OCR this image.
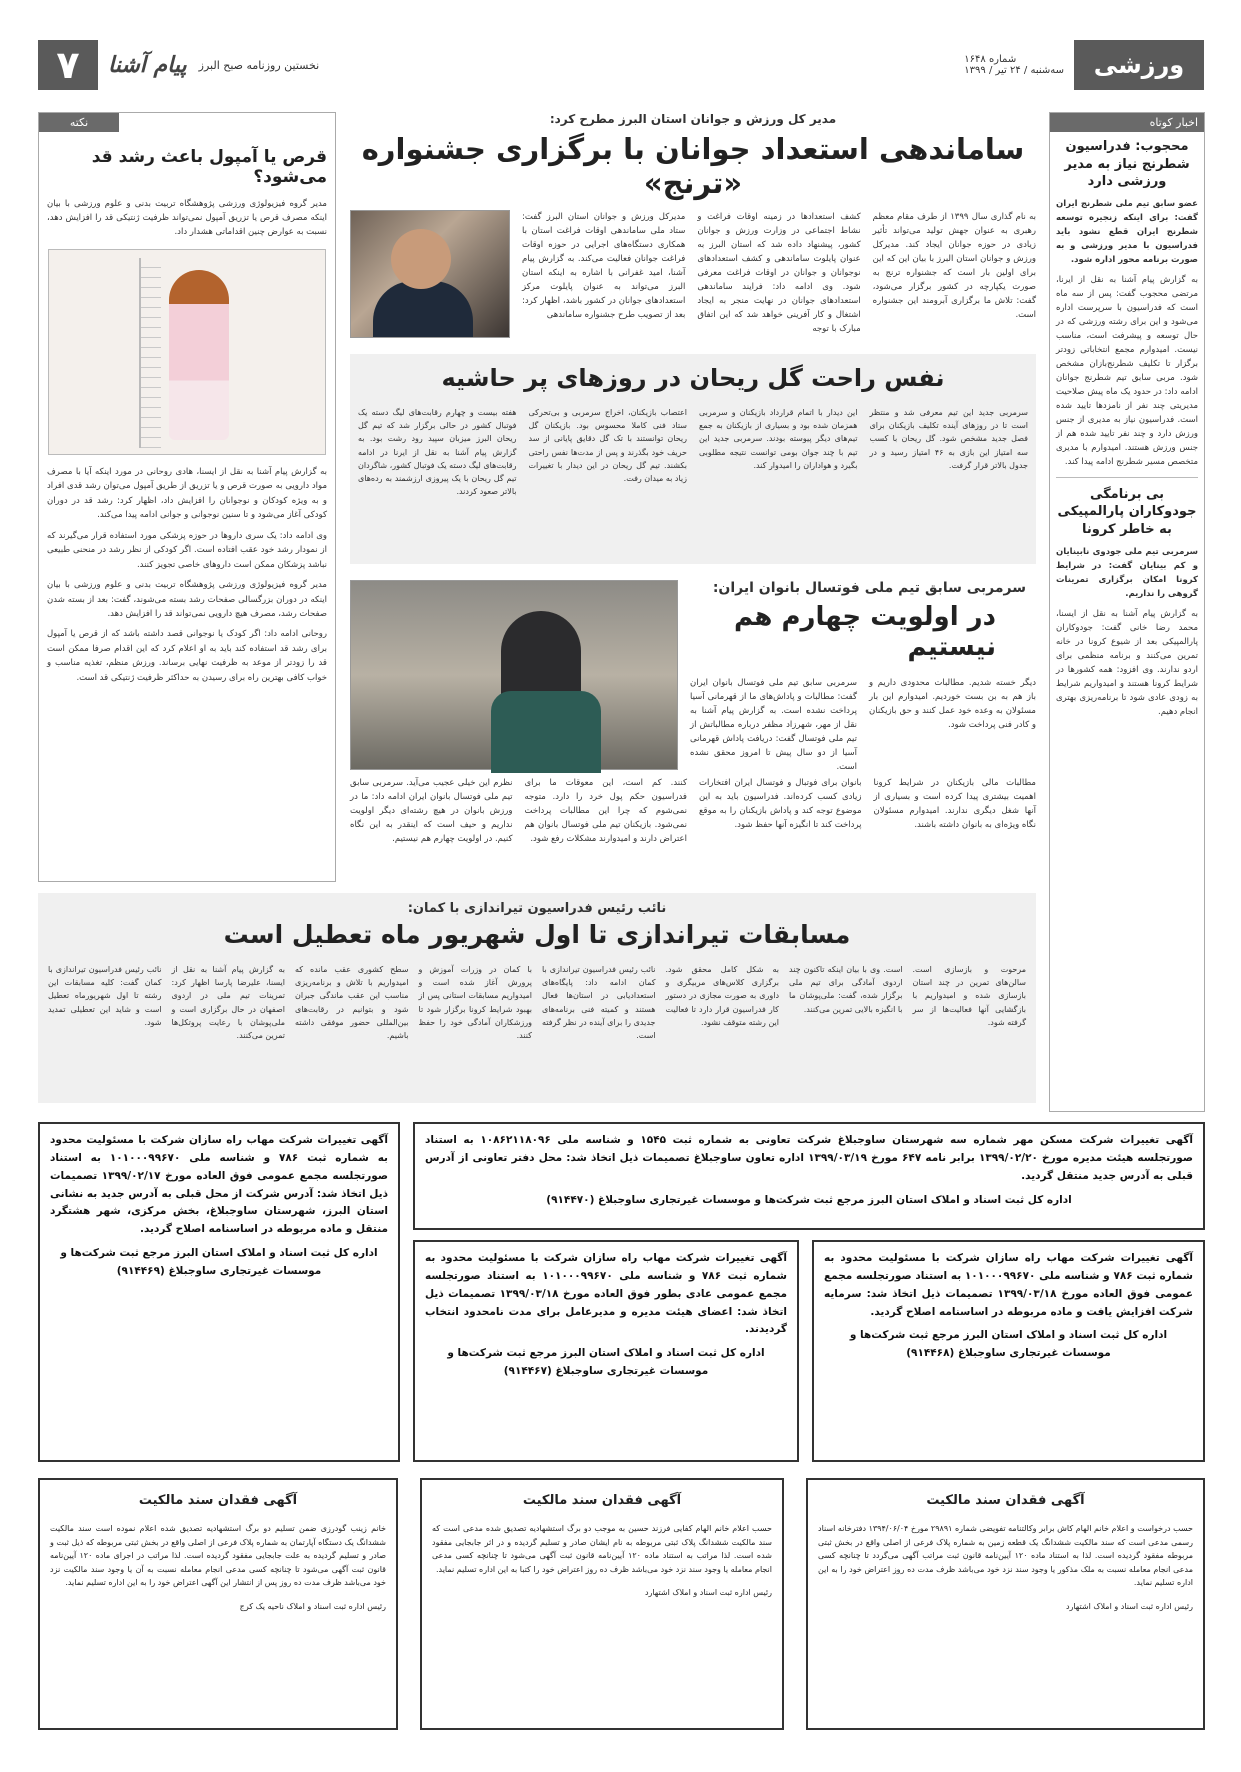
۷	پیام آشنا نخستین روزنامه صبح البرز	شماره ۱۶۴۸
سه‌شنبه / ۲۴ تیر / ۱۳۹۹	ورزشی
اخبار کوتاه
محجوب: فدراسیون شطرنج نیاز به مدیر ورزشی دارد

عضو سابق تیم ملی شطرنج ایران گفت: برای اینکه زنجیره توسعه شطرنج ایران قطع نشود باید فدراسیون با مدیر ورزشی و به صورت برنامه محور اداره شود.

به گزارش پیام آشنا به نقل از ایرنا، مرتضی محجوب گفت: پس از سه ماه است که فدراسیون با سرپرست اداره می‌شود و این برای رشته ورزشی که در حال توسعه و پیشرفت است، مناسب نیست. امیدوارم مجمع انتخاباتی زودتر برگزار تا تکلیف شطرنج‌بازان مشخص شود. مربی سابق تیم شطرنج جوانان ادامه داد: در حدود یک ماه پیش صلاحیت مدیریتی چند نفر از نامزدها تایید شده است. فدراسیون نیاز به مدیری از جنس ورزش دارد و چند نفر تایید شده هم از جنس ورزش هستند. امیدوارم با مدیری متخصص مسیر شطرنج ادامه پیدا کند.

بی برنامگی جودوکاران پارالمپیکی به خاطر کرونا

سرمربی تیم ملی جودوی نابینایان و کم بینایان گفت: در شرایط کرونا امکان برگزاری تمرینات گروهی را نداریم.

به گزارش پیام آشنا به نقل از ایسنا، محمد رضا خانی گفت: جودوکاران پارالمپیکی بعد از شیوع کرونا در خانه تمرین می‌کنند و برنامه منظمی برای اردو ندارند. وی افزود: همه کشورها در شرایط کرونا هستند و امیدواریم شرایط به زودی عادی شود تا برنامه‌ریزی بهتری انجام دهیم.

مدیر کل ورزش و جوانان استان البرز مطرح کرد:
ساماندهی استعداد جوانان با برگزاری جشنواره «ترنج»
به نام گذاری سال ۱۳۹۹ از طرف مقام معظم رهبری به عنوان جهش تولید می‌تواند تأثیر زیادی در حوزه جوانان ایجاد کند. مدیرکل ورزش و جوانان استان البرز با بیان این که این برای اولین بار است که جشنواره ترنج به صورت یکپارچه در کشور برگزار می‌شود، گفت: تلاش ما برگزاری آبرومند این جشنواره است.
کشف استعدادها در زمینه اوقات فراغت و نشاط اجتماعی در وزارت ورزش و جوانان کشور، پیشنهاد داده شد که استان البرز به عنوان پایلوت ساماندهی و کشف استعدادهای نوجوانان و جوانان در اوقات فراغت معرفی شود. وی ادامه داد: فرایند ساماندهی استعدادهای جوانان در نهایت منجر به ایجاد اشتغال و کار آفرینی خواهد شد که این اتفاق مبارک با توجه
مدیرکل ورزش و جوانان استان البرز گفت: ستاد ملی ساماندهی اوقات فراغت استان با همکاری دستگاه‌های اجرایی در حوزه اوقات فراغت جوانان فعالیت می‌کند. به گزارش پیام آشنا، امید غفرانی با اشاره به اینکه استان البرز می‌تواند به عنوان پایلوت مرکز استعدادهای جوانان در کشور باشد، اظهار کرد: بعد از تصویب طرح جشنواره ساماندهی
نفس راحت گل ریحان در روزهای پر حاشیه
سرمربی جدید این تیم معرفی شد و منتظر است تا در روزهای آینده تکلیف بازیکنان برای فصل جدید مشخص شود. گل ریحان با کسب سه امتیاز این بازی به ۴۶ امتیاز رسید و در جدول بالاتر قرار گرفت.
این دیدار با اتمام قرارداد بازیکنان و سرمربی همزمان شده بود و بسیاری از بازیکنان به جمع تیم‌های دیگر پیوسته بودند. سرمربی جدید این تیم با چند جوان بومی توانست نتیجه مطلوبی بگیرد و هواداران را امیدوار کند.
اعتصاب بازیکنان، اخراج سرمربی و بی‌تحرکی ستاد فنی کاملا محسوس بود. بازیکنان گل ریحان توانستند با تک گل دقایق پایانی از سد حریف خود بگذرند و پس از مدت‌ها نفس راحتی بکشند. تیم گل ریحان در این دیدار با تغییرات زیاد به میدان رفت.
هفته بیست و چهارم رقابت‌های لیگ دسته یک فوتبال کشور در حالی برگزار شد که تیم گل ریحان البرز میزبان سپید رود رشت بود. به گزارش پیام آشنا به نقل از ایرنا در ادامه رقابت‌های لیگ دسته یک فوتبال کشور، شاگردان تیم گل ریحان با یک پیروزی ارزشمند به رده‌های بالاتر صعود کردند.
سرمربی سابق تیم ملی فوتسال بانوان ایران:
در اولویت چهارم هم نیستیم
دیگر خسته شدیم. مطالبات محدودی داریم و باز هم به بن بست خوردیم. امیدوارم این بار مسئولان به وعده خود عمل کنند و حق بازیکنان و کادر فنی پرداخت شود.
سرمربی سابق تیم ملی فوتسال بانوان ایران گفت: مطالبات و پاداش‌های ما از قهرمانی آسیا پرداخت نشده است. به گزارش پیام آشنا به نقل از مهر، شهرزاد مظفر درباره مطالباتش از تیم ملی فوتسال گفت: دریافت پاداش قهرمانی آسیا از دو سال پیش تا امروز محقق نشده است.
مطالبات مالی بازیکنان در شرایط کرونا اهمیت بیشتری پیدا کرده است و بسیاری از آنها شغل دیگری ندارند. امیدوارم مسئولان نگاه ویژه‌ای به بانوان داشته باشند.
بانوان برای فوتبال و فوتسال ایران افتخارات زیادی کسب کرده‌اند. فدراسیون باید به این موضوع توجه کند و پاداش بازیکنان را به موقع پرداخت کند تا انگیزه آنها حفظ شود.
کنند. کم است، این معوقات ما برای فدراسیون حکم پول خرد را دارد. متوجه نمی‌شوم که چرا این مطالبات پرداخت نمی‌شود. بازیکنان تیم ملی فوتسال بانوان هم اعتراض دارند و امیدوارند مشکلات رفع شود.
نظرم این خیلی عجیب می‌آید. سرمربی سابق تیم ملی فوتسال بانوان ایران ادامه داد: ما در ورزش بانوان در هیچ رشته‌ای دیگر اولویت نداریم و حیف است که اینقدر به این نگاه کنیم. در اولویت چهارم هم نیستیم.
نکته
قرص یا آمپول باعث رشد قد می‌شود؟
مدیر گروه فیزیولوژی ورزشی پژوهشگاه تربیت بدنی و علوم ورزشی با بیان اینکه مصرف قرص یا تزریق آمپول نمی‌تواند ظرفیت ژنتیکی قد را افزایش دهد، نسبت به عوارض چنین اقداماتی هشدار داد.

به گزارش پیام آشنا به نقل از ایسنا، هادی روحانی در مورد اینکه آیا با مصرف مواد دارویی به صورت قرص و یا تزریق از طریق آمپول می‌توان رشد قدی افراد و به ویژه کودکان و نوجوانان را افزایش داد، اظهار کرد: رشد قد در دوران کودکی آغاز می‌شود و تا سنین نوجوانی و جوانی ادامه پیدا می‌کند.

وی ادامه داد: یک سری داروها در حوزه پزشکی مورد استفاده قرار می‌گیرند که از نمودار رشد خود عقب افتاده است. اگر کودکی از نظر رشد در منحنی طبیعی نباشد پزشکان ممکن است داروهای خاصی تجویز کنند.

مدیر گروه فیزیولوژی ورزشی پژوهشگاه تربیت بدنی و علوم ورزشی با بیان اینکه در دوران بزرگسالی صفحات رشد بسته می‌شوند، گفت: بعد از بسته شدن صفحات رشد، مصرف هیچ دارویی نمی‌تواند قد را افزایش دهد.

روحانی ادامه داد: اگر کودک یا نوجوانی قصد داشته باشد که از قرص یا آمپول برای رشد قد استفاده کند باید به او اعلام کرد که این اقدام صرفا ممکن است قد را زودتر از موعد به ظرفیت نهایی برساند. ورزش منظم، تغذیه مناسب و خواب کافی بهترین راه برای رسیدن به حداکثر ظرفیت ژنتیکی قد است.

نائب رئیس فدراسیون تیراندازی با کمان:
مسابقات تیراندازی تا اول شهریور ماه تعطیل است
مرحوت و بازسازی است. سالن‌های تمرین در چند استان بازسازی شده و امیدواریم با بازگشایی آنها فعالیت‌ها از سر گرفته شود.
است. وی با بیان اینکه تاکنون چند اردوی آمادگی برای تیم ملی برگزار شده، گفت: ملی‌پوشان ما با انگیزه بالایی تمرین می‌کنند.
به شکل کامل محقق شود. برگزاری کلاس‌های مربیگری و داوری به صورت مجازی در دستور کار فدراسیون قرار دارد تا فعالیت این رشته متوقف نشود.
نائب رئیس فدراسیون تیراندازی با کمان ادامه داد: پایگاه‌های استعدادیابی در استان‌ها فعال هستند و کمیته فنی برنامه‌های جدیدی را برای آینده در نظر گرفته است.
با کمان در وزرات آموزش و پرورش آغاز شده است و امیدواریم مسابقات استانی پس از بهبود شرایط کرونا برگزار شود تا ورزشکاران آمادگی خود را حفظ کنند.
سطح کشوری عقب مانده که امیدواریم با تلاش و برنامه‌ریزی مناسب این عقب ماندگی جبران شود و بتوانیم در رقابت‌های بین‌المللی حضور موفقی داشته باشیم.
به گزارش پیام آشنا به نقل از ایسنا، علیرضا پارسا اظهار کرد: تمرینات تیم ملی در اردوی اصفهان در حال برگزاری است و ملی‌پوشان با رعایت پروتکل‌ها تمرین می‌کنند.
نائب رئیس فدراسیون تیراندازی با کمان گفت: کلیه مسابقات این رشته تا اول شهریورماه تعطیل است و شاید این تعطیلی تمدید شود.
آگهی تغییرات شرکت مسکن مهر شماره سه شهرستان ساوجبلاغ شرکت تعاونی به شماره ثبت ۱۵۴۵ و شناسه ملی ۱۰۸۶۲۱۱۸۰۹۶ به استناد صورتجلسه هیئت مدیره مورخ ۱۳۹۹/۰۲/۲۰ برابر نامه ۶۴۷ مورخ ۱۳۹۹/۰۳/۱۹ اداره تعاون ساوجبلاغ تصمیمات ذیل اتخاذ شد: محل دفتر تعاونی از آدرس قبلی به آدرس جدید منتقل گردید.
اداره کل ثبت اسناد و املاک استان البرز مرجع ثبت شرکت‌ها و موسسات غیرتجاری ساوجبلاغ (۹۱۴۴۷۰)
آگهی تغییرات شرکت مهاب راه سازان شرکت با مسئولیت محدود به شماره ثبت ۷۸۶ و شناسه ملی ۱۰۱۰۰۰۹۹۶۷۰ به استناد صورتجلسه مجمع عمومی فوق العاده مورخ ۱۳۹۹/۰۲/۱۷ تصمیمات ذیل اتخاذ شد: آدرس شرکت از محل قبلی به آدرس جدید به نشانی استان البرز، شهرستان ساوجبلاغ، بخش مرکزی، شهر هشتگرد منتقل و ماده مربوطه در اساسنامه اصلاح گردید.
اداره کل ثبت اسناد و املاک استان البرز مرجع ثبت شرکت‌ها و موسسات غیرتجاری ساوجبلاغ (۹۱۴۴۶۹)
آگهی تغییرات شرکت مهاب راه سازان شرکت با مسئولیت محدود به شماره ثبت ۷۸۶ و شناسه ملی ۱۰۱۰۰۰۹۹۶۷۰ به استناد صورتجلسه مجمع عمومی عادی بطور فوق العاده مورخ ۱۳۹۹/۰۳/۱۸ تصمیمات ذیل اتخاذ شد: اعضای هیئت مدیره و مدیرعامل برای مدت نامحدود انتخاب گردیدند.
اداره کل ثبت اسناد و املاک استان البرز مرجع ثبت شرکت‌ها و موسسات غیرتجاری ساوجبلاغ (۹۱۴۴۶۷)
آگهی تغییرات شرکت مهاب راه سازان شرکت با مسئولیت محدود به شماره ثبت ۷۸۶ و شناسه ملی ۱۰۱۰۰۰۹۹۶۷۰ به استناد صورتجلسه مجمع عمومی فوق العاده مورخ ۱۳۹۹/۰۳/۱۸ تصمیمات ذیل اتخاذ شد: سرمایه شرکت افزایش یافت و ماده مربوطه در اساسنامه اصلاح گردید.
اداره کل ثبت اسناد و املاک استان البرز مرجع ثبت شرکت‌ها و موسسات غیرتجاری ساوجبلاغ (۹۱۴۴۶۸)
آگهی فقدان سند مالکیت
خانم زینب گودرزی ضمن تسلیم دو برگ استشهادیه تصدیق شده اعلام نموده است سند مالکیت ششدانگ یک دستگاه آپارتمان به شماره پلاک فرعی از اصلی واقع در بخش ثبتی مربوطه که ذیل ثبت و صادر و تسلیم گردیده به علت جابجایی مفقود گردیده است. لذا مراتب در اجرای ماده ۱۲۰ آیین‌نامه قانون ثبت آگهی می‌شود تا چنانچه کسی مدعی انجام معامله نسبت به آن یا وجود سند مالکیت نزد خود می‌باشد ظرف مدت ده روز پس از انتشار این آگهی اعتراض خود را به این اداره تسلیم نماید.
رئیس اداره ثبت اسناد و املاک ناحیه یک کرج
آگهی فقدان سند مالکیت
حسب اعلام خانم الهام کفایی فرزند حسین به موجب دو برگ استشهادیه تصدیق شده مدعی است که سند مالکیت ششدانگ پلاک ثبتی مربوطه به نام ایشان صادر و تسلیم گردیده و در اثر جابجایی مفقود شده است. لذا مراتب به استناد ماده ۱۲۰ آیین‌نامه قانون ثبت آگهی می‌شود تا چنانچه کسی مدعی انجام معامله یا وجود سند نزد خود می‌باشد ظرف ده روز اعتراض خود را کتبا به این اداره تسلیم نماید.
رئیس اداره ثبت اسناد و املاک اشتهارد
آگهی فقدان سند مالکیت
حسب درخواست و اعلام خانم الهام کاش برابر وکالتنامه تفویضی شماره ۲۹۸۹۱ مورخ ۱۳۹۴/۰۶/۰۴ دفترخانه اسناد رسمی مدعی است که سند مالکیت ششدانگ یک قطعه زمین به شماره پلاک فرعی از اصلی واقع در بخش ثبتی مربوطه مفقود گردیده است. لذا به استناد ماده ۱۲۰ آیین‌نامه قانون ثبت مراتب آگهی می‌گردد تا چنانچه کسی مدعی انجام معامله نسبت به ملک مذکور یا وجود سند نزد خود می‌باشد ظرف مدت ده روز اعتراض خود را به این اداره تسلیم نماید.
رئیس اداره ثبت اسناد و املاک اشتهارد
